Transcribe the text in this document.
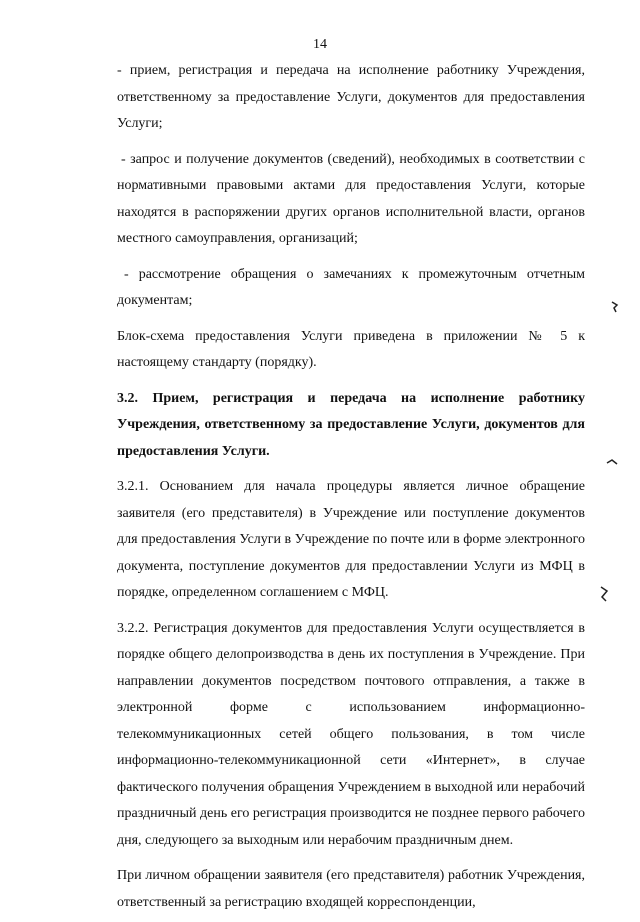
14

- прием, регистрация и передача на исполнение работнику Учреждения, ответственному за предоставление Услуги, документов для предоставления Услуги;

- запрос и получение документов (сведений), необходимых в соответствии с нормативными правовыми актами для предоставления Услуги, которые находятся в распоряжении других органов исполнительной власти, органов местного самоуправления, организаций;

- рассмотрение обращения о замечаниях к промежуточным отчетным документам;

Блок-схема предоставления Услуги приведена в приложении № 5 к настоящему стандарту (порядку).

3.2. Прием, регистрация и передача на исполнение работнику Учреждения, ответственному за предоставление Услуги, документов для предоставления Услуги.

3.2.1. Основанием для начала процедуры является личное обращение заявителя (его представителя) в Учреждение или поступление документов для предоставления Услуги в Учреждение по почте или в форме электронного документа, поступление документов для предоставлении Услуги из МФЦ в порядке, определенном соглашением с МФЦ.

3.2.2. Регистрация документов для предоставления Услуги осуществляется в порядке общего делопроизводства в день их поступления в Учреждение. При направлении документов посредством почтового отправления, а также в электронной форме с использованием информационно-телекоммуникационных сетей общего пользования, в том числе информационно-телекоммуникационной сети «Интернет», в случае фактического получения обращения Учреждением в выходной или нерабочий праздничный день его регистрация производится не позднее первого рабочего дня, следующего за выходным или нерабочим праздничным днем.

При личном обращении заявителя (его представителя) работник Учреждения, ответственный за регистрацию входящей корреспонденции,
